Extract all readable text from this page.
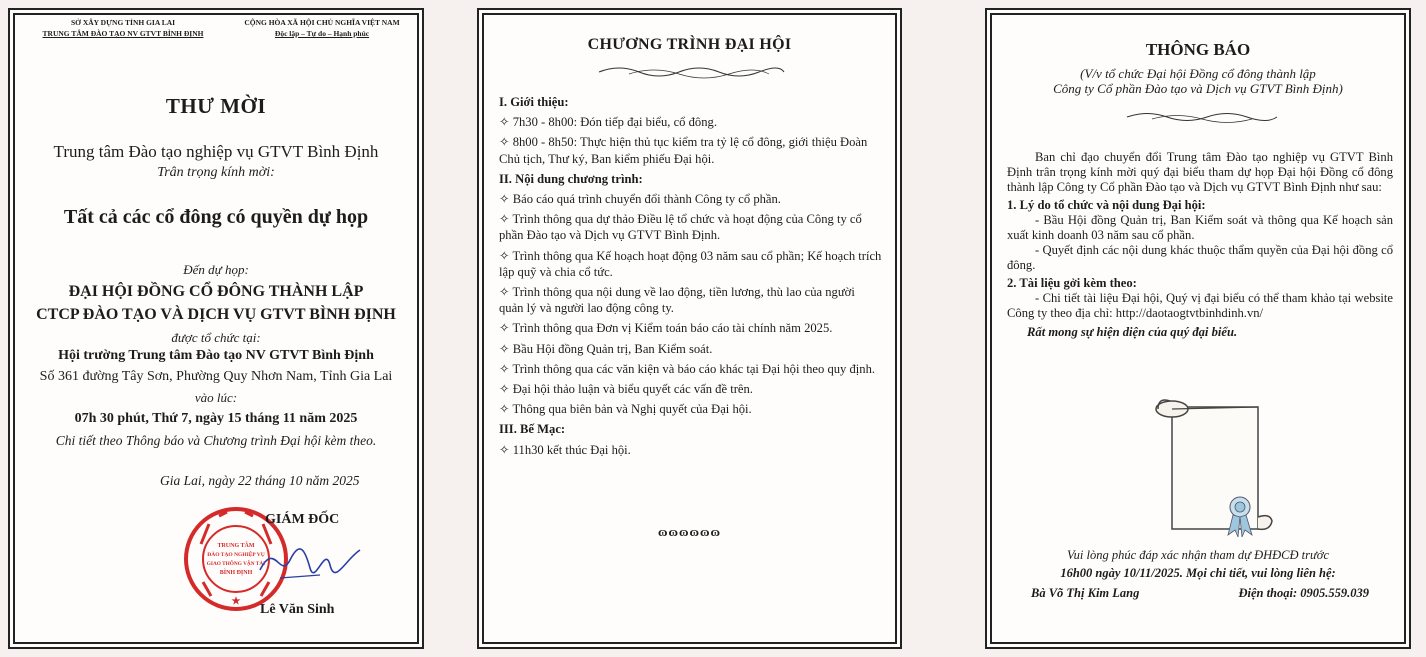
SỞ XÂY DỰNG TỈNH GIA LAI
TRUNG TÂM ĐÀO TẠO NV GTVT BÌNH ĐỊNH
CỘNG HÒA XÃ HỘI CHỦ NGHĨA VIỆT NAM
Độc lập – Tự do – Hạnh phúc
THƯ MỜI
Trung tâm Đào tạo nghiệp vụ GTVT Bình Định
Trân trọng kính mời:
Tất cả các cổ đông có quyền dự họp
Đến dự họp:
ĐẠI HỘI ĐỒNG CỔ ĐÔNG THÀNH LẬP
CTCP ĐÀO TẠO VÀ DỊCH VỤ GTVT BÌNH ĐỊNH
được tổ chức tại:
Hội trường Trung tâm Đào tạo NV GTVT Bình Định
Số 361 đường Tây Sơn, Phường Quy Nhơn Nam, Tỉnh Gia Lai
vào lúc:
07h 30 phút, Thứ 7, ngày 15 tháng 11 năm 2025
Chi tiết theo Thông báo và Chương trình Đại hội kèm theo.
Gia Lai, ngày 22 tháng 10 năm 2025
★
TRUNG TÂM
ĐÀO TẠO NGHIỆP VỤ
GIAO THÔNG VẬN TẢI
BÌNH ĐỊNH
GIÁM ĐỐC
Lê Văn Sinh
CHƯƠNG TRÌNH ĐẠI HỘI
I. Giới thiệu:
✧ 7h30 - 8h00: Đón tiếp đại biểu, cổ đông.
✧ 8h00 - 8h50: Thực hiện thủ tục kiểm tra tỷ lệ cổ đông, giới thiệu Đoàn Chủ tịch, Thư ký, Ban kiểm phiếu Đại hội.
II. Nội dung chương trình:
✧ Báo cáo quá trình chuyển đổi thành Công ty cổ phần.
✧ Trình thông qua dự thảo Điều lệ tổ chức và hoạt động của Công ty cổ phần Đào tạo và Dịch vụ GTVT Bình Định.
✧ Trình thông qua Kế hoạch hoạt động 03 năm sau cổ phần; Kế hoạch trích lập quỹ và chia cổ tức.
✧ Trình thông qua nội dung về lao động, tiền lương, thù lao của người quản lý và người lao động công ty.
✧ Trình thông qua Đơn vị Kiểm toán báo cáo tài chính năm 2025.
✧ Bầu Hội đồng Quản trị, Ban Kiểm soát.
✧ Trình thông qua các văn kiện và báo cáo khác tại Đại hội theo quy định.
✧ Đại hội thảo luận và biểu quyết các vấn đề trên.
✧ Thông qua biên bản và Nghị quyết của Đại hội.
III. Bế Mạc:
✧ 11h30 kết thúc Đại hội.
ɷɷɷɷɷɷ
THÔNG BÁO
(V/v tổ chức Đại hội Đồng cổ đông thành lập
Công ty Cổ phần Đào tạo và Dịch vụ GTVT Bình Định)
Ban chỉ đạo chuyển đổi Trung tâm Đào tạo nghiệp vụ GTVT Bình Định trân trọng kính mời quý đại biểu tham dự họp Đại hội Đồng cổ đông thành lập Công ty Cổ phần Đào tạo và Dịch vụ GTVT Bình Định như sau:
1. Lý do tổ chức và nội dung Đại hội:
- Bầu Hội đồng Quản trị, Ban Kiểm soát và thông qua Kế hoạch sản xuất kinh doanh 03 năm sau cổ phần.
- Quyết định các nội dung khác thuộc thẩm quyền của Đại hội đồng cổ đông.
2. Tài liệu gởi kèm theo:
- Chi tiết tài liệu Đại hội, Quý vị đại biểu có thể tham khảo tại website Công ty theo địa chỉ: http://daotaogtvtbinhdinh.vn/
Rất mong sự hiện diện của quý đại biểu.
Vui lòng phúc đáp xác nhận tham dự ĐHĐCĐ trước
16h00 ngày 10/11/2025. Mọi chi tiết, vui lòng liên hệ:
Bà Võ Thị Kim Lang	Điện thoại: 0905.559.039
